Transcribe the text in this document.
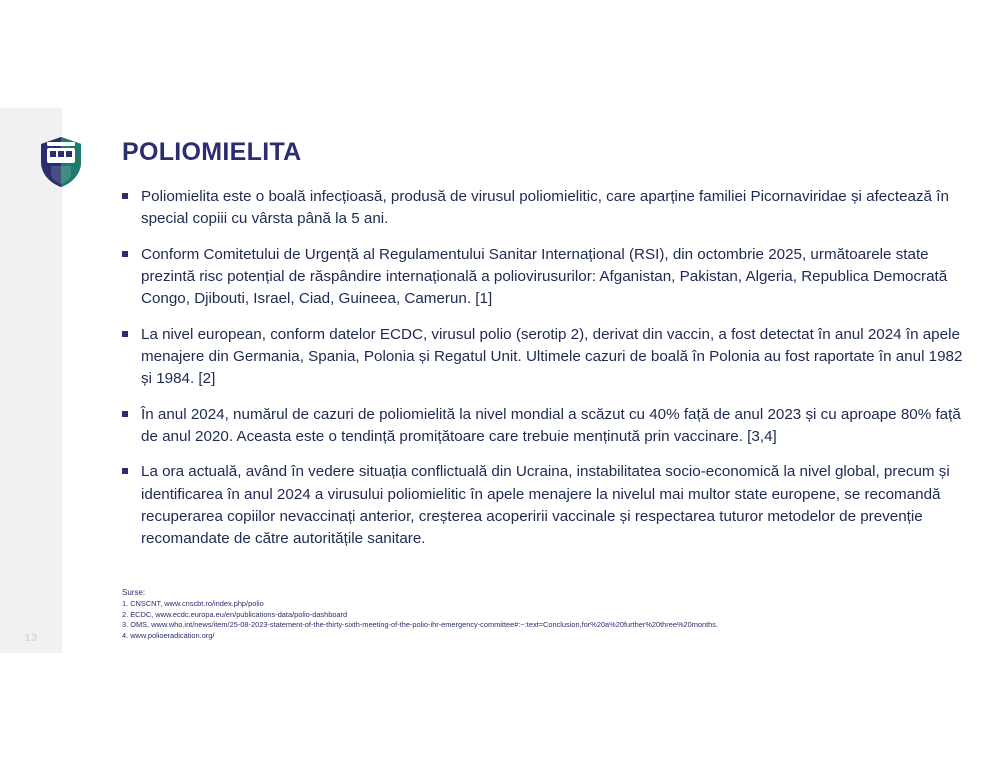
13
POLIOMIELITA
Poliomielita este o boală infecțioasă, produsă de virusul poliomielitic, care aparține familiei Picornaviridae și afectează în special copiii cu vârsta până la 5 ani.
Conform Comitetului de Urgență al Regulamentului Sanitar Internațional (RSI), din octombrie 2025, următoarele state prezintă risc potențial de răspândire internațională a poliovirusurilor: Afganistan, Pakistan, Algeria, Republica Democrată Congo, Djibouti, Israel, Ciad, Guineea, Camerun. [1]
La nivel european, conform datelor ECDC, virusul polio (serotip 2), derivat din vaccin, a fost detectat în anul 2024 în apele menajere din Germania, Spania, Polonia și Regatul Unit. Ultimele cazuri de boală în Polonia au fost raportate în anul 1982 și 1984. [2]
În anul 2024, numărul de cazuri de poliomielită la nivel mondial a scăzut cu 40% față de anul 2023 și cu aproape 80% față de anul 2020. Aceasta este o tendință promițătoare care trebuie menținută prin vaccinare. [3,4]
La ora actuală, având în vedere situația conflictuală din Ucraina, instabilitatea socio-economică la nivel global, precum și identificarea în anul 2024 a virusului poliomielitic în apele menajere la nivelul mai multor state europene, se recomandă recuperarea copiilor nevaccinați anterior, creșterea acoperirii vaccinale și respectarea tuturor metodelor de prevenție recomandate de către autoritățile sanitare.
Surse:
1. CNSCNT, www.cnscbt.ro/index.php/polio
2. ECDC, www.ecdc.europa.eu/en/publications-data/polio-dashboard
3. OMS, www.who.int/news/item/25-08-2023-statement-of-the-thirty-sixth-meeting-of-the-polio-ihr-emergency-committee#:~:text=Conclusion,for%20a%20further%20three%20months.
4. www.polioeradication.org/
